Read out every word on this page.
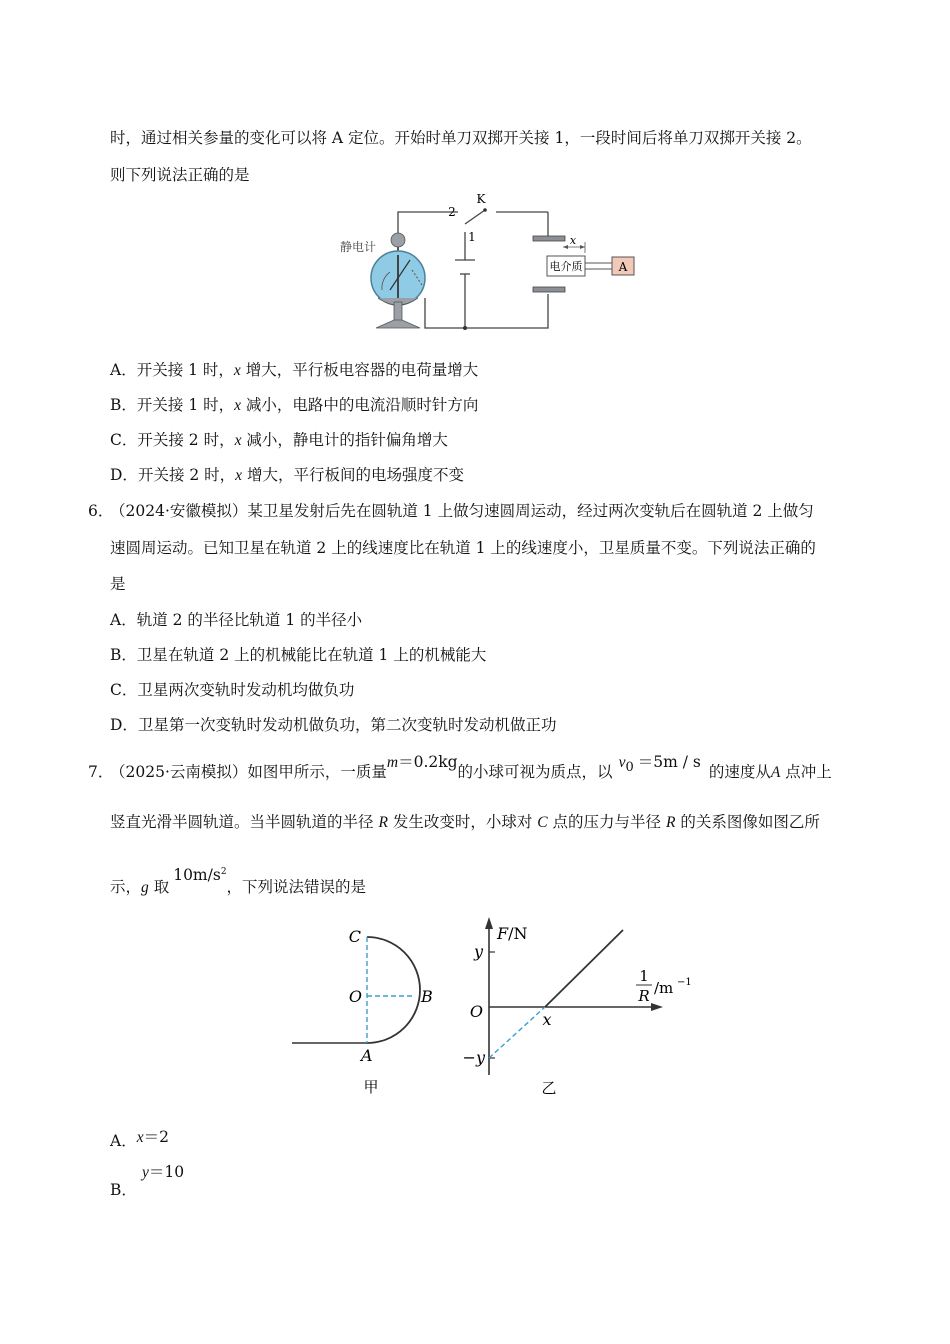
时，通过相关参量的变化可以将 A 定位。开始时单刀双掷开关接 1，一段时间后将单刀双掷开关接 2。
则下列说法正确的是
电介质	A
x
K
2
1
静电计
A．开关接 1 时，x 增大，平行板电容器的电荷量增大
B．开关接 1 时，x 减小，电路中的电流沿顺时针方向
C．开关接 2 时，x 减小，静电计的指针偏角增大
D．开关接 2 时，x 增大，平行板间的电场强度不变
6．
（2024·安徽模拟）某卫星发射后先在圆轨道 1 上做匀速圆周运动，经过两次变轨后在圆轨道 2 上做匀
速圆周运动。已知卫星在轨道 2 上的线速度比在轨道 1 上的线速度小，卫星质量不变。下列说法正确的
是
A．轨道 2 的半径比轨道 1 的半径小
B．卫星在轨道 2 上的机械能比在轨道 1 上的机械能大
C．卫星两次变轨时发动机均做负功
D．卫星第一次变轨时发动机做负功，第二次变轨时发动机做正功
7．
（2025·云南模拟）如图甲所示，一质量m＝0.2kg的小球可视为质点，以$v_0 =5m / s$的速度从A 点冲上
竖直光滑半圆轨道。当半圆轨道的半径 R 发生改变时，小球对 C 点的压力与半径 R 的关系图像如图乙所
示，g 取$10m/s^2$，下列说法错误的是
C
O	B
A
甲
F/N
y
−y
O	x
1
R /m −1
乙
A．x＝2
y＝10
B．
